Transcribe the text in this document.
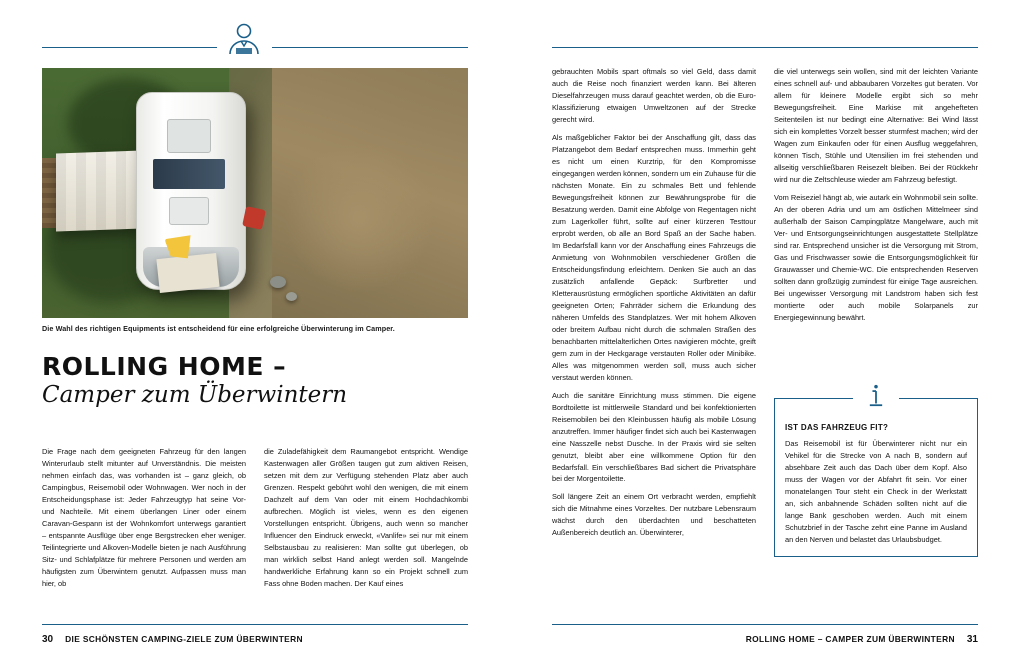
Die Wahl des richtigen Equipments ist entscheidend für eine erfolgreiche Überwinterung im Camper.
ROLLING HOME –
Camper zum Überwintern

Die Frage nach dem geeigneten Fahrzeug für den langen Winterurlaub stellt mitunter auf Unverständnis. Die meisten nehmen einfach das, was vorhanden ist – ganz gleich, ob Campingbus, Reisemobil oder Wohnwagen. Wer noch in der Entscheidungsphase ist: Jeder Fahrzeugtyp hat seine Vor- und Nachteile. Mit einem überlangen Liner oder einem Caravan-Gespann ist der Wohnkomfort unterwegs garantiert – entspannte Ausflüge über enge Bergstrecken eher weniger. Teilintegrierte und Alkoven-Modelle bieten je nach Ausführung Sitz- und Schlafplätze für mehrere Personen und werden am häufigsten zum Überwintern genutzt. Aufpassen muss man hier, ob

die Zuladefähigkeit dem Raumangebot entspricht. Wendige Kastenwagen aller Größen taugen gut zum aktiven Reisen, setzen mit dem zur Verfügung stehenden Platz aber auch Grenzen. Respekt gebührt wohl den wenigen, die mit einem Dachzelt auf dem Van oder mit einem Hochdachkombi aufbrechen. Möglich ist vieles, wenn es den eigenen Vorstellungen entspricht. Übrigens, auch wenn so mancher Influencer den Eindruck erweckt, «Vanlife» sei nur mit einem Selbstausbau zu realisieren: Man sollte gut überlegen, ob man wirklich selbst Hand anlegt werden soll. Mangelnde handwerkliche Erfahrung kann so ein Projekt schnell zum Fass ohne Boden machen. Der Kauf eines

30 DIE SCHÖNSTEN CAMPING-ZIELE ZUM ÜBERWINTERN

gebrauchten Mobils spart oftmals so viel Geld, dass damit auch die Reise noch finanziert werden kann. Bei älteren Dieselfahrzeugen muss darauf geachtet werden, ob die Euro-Klassifizierung etwaigen Umweltzonen auf der Strecke gerecht wird.

Als maßgeblicher Faktor bei der Anschaffung gilt, dass das Platzangebot dem Bedarf entsprechen muss. Immerhin geht es nicht um einen Kurztrip, für den Kompromisse eingegangen werden können, sondern um ein Zuhause für die nächsten Monate. Ein zu schmales Bett und fehlende Bewegungsfreiheit können zur Bewährungsprobe für die Besatzung werden. Damit eine Abfolge von Regentagen nicht zum Lagerkoller führt, sollte auf einer kürzeren Testtour erprobt werden, ob alle an Bord Spaß an der Sache haben. Im Bedarfsfall kann vor der Anschaffung eines Fahrzeugs die Anmietung von Wohnmobilen verschiedener Größen die Entscheidungsfindung erleichtern. Denken Sie auch an das zusätzlich anfallende Gepäck: Surfbretter und Kletterausrüstung ermöglichen sportliche Aktivitäten an dafür geeigneten Orten; Fahrräder sichern die Erkundung des näheren Umfelds des Standplatzes. Wer mit hohem Alkoven oder breitem Aufbau nicht durch die schmalen Straßen des benachbarten mittelalterlichen Ortes navigieren möchte, greift gern zum in der Heckgarage verstauten Roller oder Minibike. Alles was mitgenommen werden soll, muss auch sicher verstaut werden können.

Auch die sanitäre Einrichtung muss stimmen. Die eigene Bordtoilette ist mittlerweile Standard und bei konfektionierten Reisemobilen bei den Kleinbussen häufig als mobile Lösung anzutreffen. Immer häufiger findet sich auch bei Kastenwagen eine Nasszelle nebst Dusche. In der Praxis wird sie selten genutzt, bleibt aber eine willkommene Option für den Bedarfsfall. Ein verschließbares Bad sichert die Privatsphäre bei der Morgentoilette.

Soll längere Zeit an einem Ort verbracht werden, empfiehlt sich die Mitnahme eines Vorzeltes. Der nutzbare Lebensraum wächst durch den überdachten und beschatteten Außenbereich deutlich an. Überwinterer,

die viel unterwegs sein wollen, sind mit der leichten Variante eines schnell auf- und abbaubaren Vorzeltes gut beraten. Vor allem für kleinere Modelle ergibt sich so mehr Bewegungsfreiheit. Eine Markise mit angehefteten Seitenteilen ist nur bedingt eine Alternative: Bei Wind lässt sich ein komplettes Vorzelt besser sturmfest machen; wird der Wagen zum Einkaufen oder für einen Ausflug weggefahren, können Tisch, Stühle und Utensilien im frei stehenden und allseitig verschließbaren Reisezelt bleiben. Bei der Rückkehr wird nur die Zeltschleuse wieder am Fahrzeug befestigt.

Vom Reiseziel hängt ab, wie autark ein Wohnmobil sein sollte. An der oberen Adria und um am östlichen Mittelmeer sind außerhalb der Saison Campingplätze Mangelware, auch mit Ver- und Entsorgungseinrichtungen ausgestattete Stellplätze sind rar. Entsprechend unsicher ist die Versorgung mit Strom, Gas und Frischwasser sowie die Entsorgungsmöglichkeit für Grauwasser und Chemie-WC. Die entsprechenden Reserven sollten dann großzügig zumindest für einige Tage ausreichen. Bei ungewisser Versorgung mit Landstrom haben sich fest montierte oder auch mobile Solarpanels zur Energiegewinnung bewährt.

IST DAS FAHRZEUG FIT?

Das Reisemobil ist für Überwinterer nicht nur ein Vehikel für die Strecke von A nach B, sondern auf absehbare Zeit auch das Dach über dem Kopf. Also muss der Wagen vor der Abfahrt fit sein. Vor einer monatelangen Tour steht ein Check in der Werkstatt an, sich anbahnende Schäden sollten nicht auf die lange Bank geschoben werden. Auch mit einem Schutzbrief in der Tasche zehrt eine Panne im Ausland an den Nerven und belastet das Urlaubsbudget.

ROLLING HOME – CAMPER ZUM ÜBERWINTERN 31
